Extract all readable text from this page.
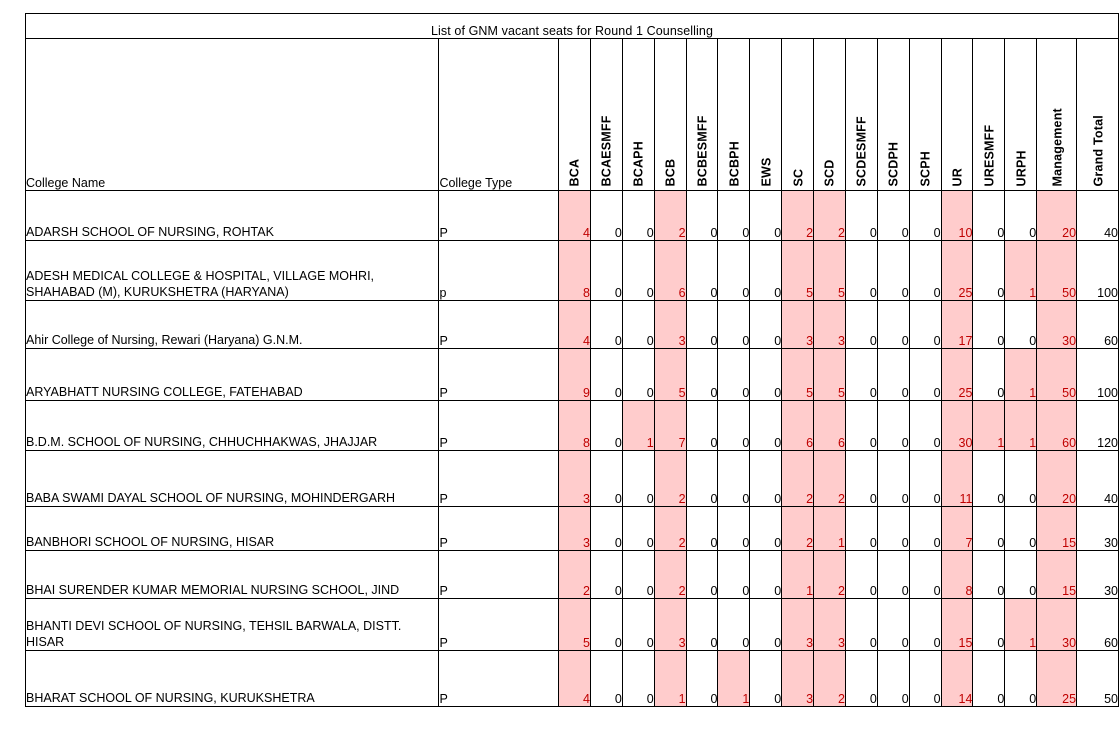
List of GNM vacant seats for Round 1 Counselling																		
College Name	College Type	BCA	BCAESMFF	BCAPH	BCB	BCBESMFF	BCBPH	EWS	SC	SCD	SCDESMFF	SCDPH	SCPH	UR	URESMFF	URPH	Management	Grand Total

ADARSH SCHOOL OF NURSING, ROHTAK	P	4	0	0	2	0	0	0	2	2	0	0	0	10	0	0	20	40
ADESH MEDICAL COLLEGE & HOSPITAL, VILLAGE MOHRI, SHAHABAD (M), KURUKSHETRA (HARYANA)	p	8	0	0	6	0	0	0	5	5	0	0	0	25	0	1	50	100
Ahir College of Nursing, Rewari (Haryana) G.N.M.	P	4	0	0	3	0	0	0	3	3	0	0	0	17	0	0	30	60
ARYABHATT NURSING COLLEGE, FATEHABAD	P	9	0	0	5	0	0	0	5	5	0	0	0	25	0	1	50	100
B.D.M. SCHOOL OF NURSING, CHHUCHHAKWAS, JHAJJAR	P	8	0	1	7	0	0	0	6	6	0	0	0	30	1	1	60	120
BABA SWAMI DAYAL SCHOOL OF NURSING, MOHINDERGARH	P	3	0	0	2	0	0	0	2	2	0	0	0	11	0	0	20	40
BANBHORI SCHOOL OF NURSING, HISAR	P	3	0	0	2	0	0	0	2	1	0	0	0	7	0	0	15	30
BHAI SURENDER KUMAR MEMORIAL NURSING SCHOOL, JIND	P	2	0	0	2	0	0	0	1	2	0	0	0	8	0	0	15	30
BHANTI DEVI SCHOOL OF NURSING, TEHSIL BARWALA, DISTT. HISAR	P	5	0	0	3	0	0	0	3	3	0	0	0	15	0	1	30	60
BHARAT SCHOOL OF NURSING, KURUKSHETRA	P	4	0	0	1	0	1	0	3	2	0	0	0	14	0	0	25	50
